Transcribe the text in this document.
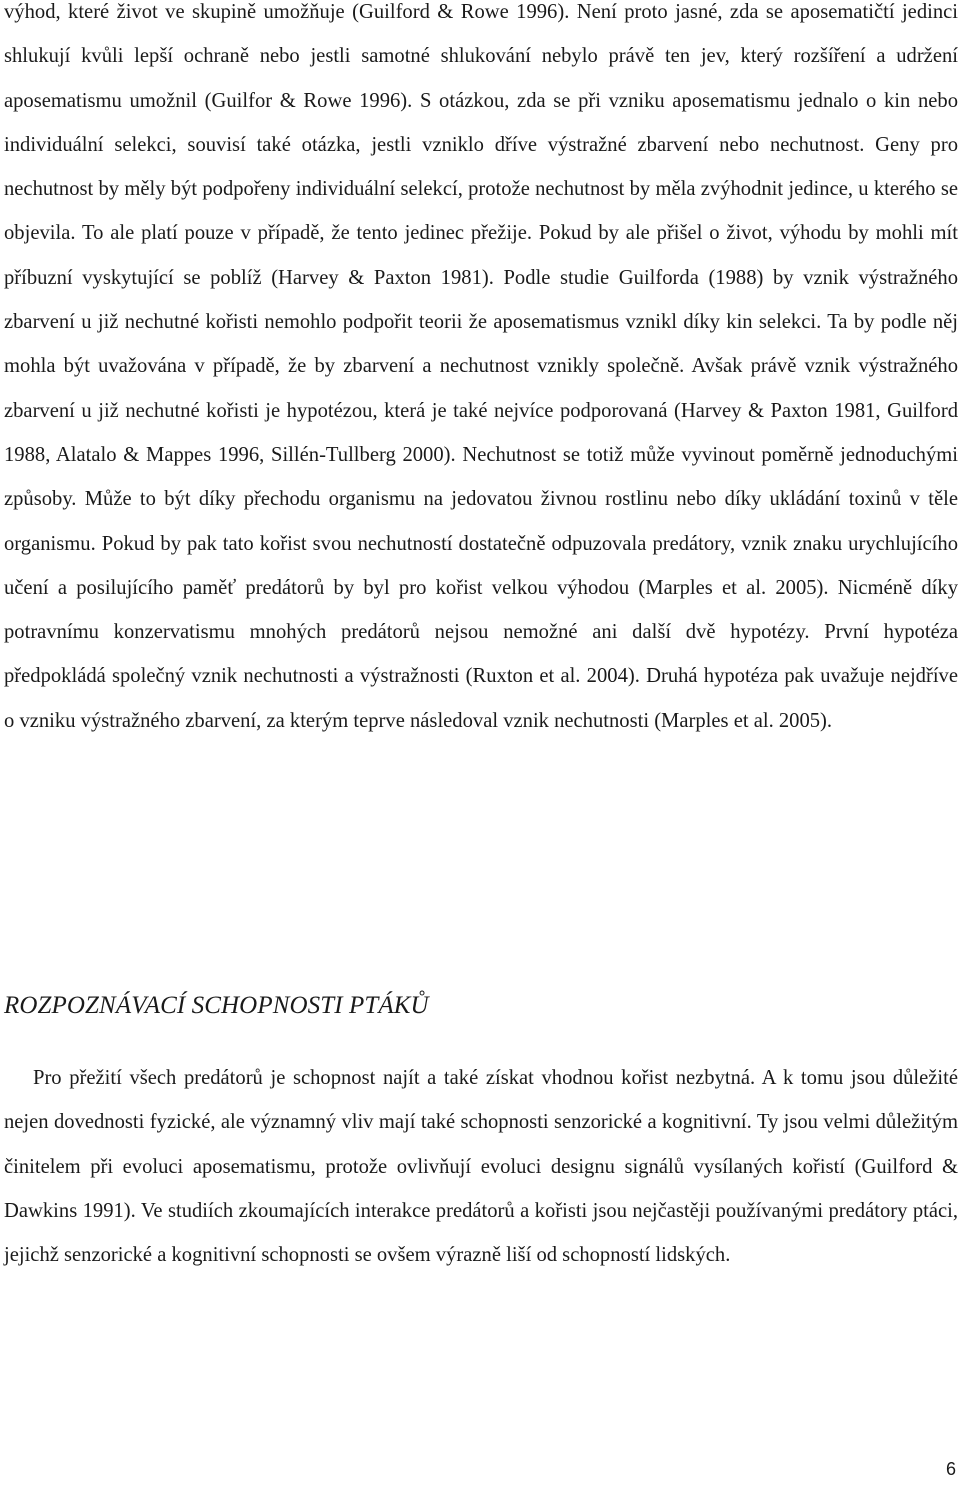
výhod, které život ve skupině umožňuje (Guilford & Rowe 1996). Není proto jasné, zda se aposematičtí jedinci shlukují kvůli lepší ochraně nebo jestli samotné shlukování nebylo právě ten jev, který rozšíření a udržení aposematismu umožnil (Guilfor & Rowe 1996). S otázkou, zda se při vzniku aposematismu jednalo o kin nebo individuální selekci, souvisí také otázka, jestli vzniklo dříve výstražné zbarvení nebo nechutnost. Geny pro nechutnost by měly být podpořeny individuální selekcí, protože nechutnost by měla zvýhodnit jedince, u kterého se objevila. To ale platí pouze v případě, že tento jedinec přežije. Pokud by ale přišel o život, výhodu by mohli mít příbuzní vyskytující se poblíž (Harvey & Paxton 1981). Podle studie Guilforda (1988) by vznik výstražného zbarvení u již nechutné kořisti nemohlo podpořit teorii že aposematismus vznikl díky kin selekci. Ta by podle něj mohla být uvažována v případě, že by zbarvení a nechutnost vznikly společně. Avšak právě vznik výstražného zbarvení u již nechutné kořisti je hypotézou, která je také nejvíce podporovaná (Harvey & Paxton 1981, Guilford 1988, Alatalo & Mappes 1996, Sillén-Tullberg 2000). Nechutnost se totiž může vyvinout poměrně jednoduchými způsoby. Může to být díky přechodu organismu na jedovatou živnou rostlinu nebo díky ukládání toxinů v těle organismu. Pokud by pak tato kořist svou nechutností dostatečně odpuzovala predátory, vznik znaku urychlujícího učení a posilujícího paměť predátorů by byl pro kořist velkou výhodou (Marples et al. 2005). Nicméně díky potravnímu konzervatismu mnohých predátorů nejsou nemožné ani další dvě hypotézy. První hypotéza předpokládá společný vznik nechutnosti a výstražnosti (Ruxton et al. 2004). Druhá hypotéza pak uvažuje nejdříve o vzniku výstražného zbarvení, za kterým teprve následoval vznik nechutnosti (Marples et al. 2005).

ROZPOZNÁVACÍ SCHOPNOSTI PTÁKŮ

Pro přežití všech predátorů je schopnost najít a také získat vhodnou kořist nezbytná. A k tomu jsou důležité nejen dovednosti fyzické, ale významný vliv mají také schopnosti senzorické a kognitivní. Ty jsou velmi důležitým činitelem při evoluci aposematismu, protože ovlivňují evoluci designu signálů vysílaných kořistí (Guilford & Dawkins 1991). Ve studiích zkoumajících interakce predátorů a kořisti jsou nejčastěji používanými predátory ptáci, jejichž senzorické a kognitivní schopnosti se ovšem výrazně liší od schopností lidských.

6
